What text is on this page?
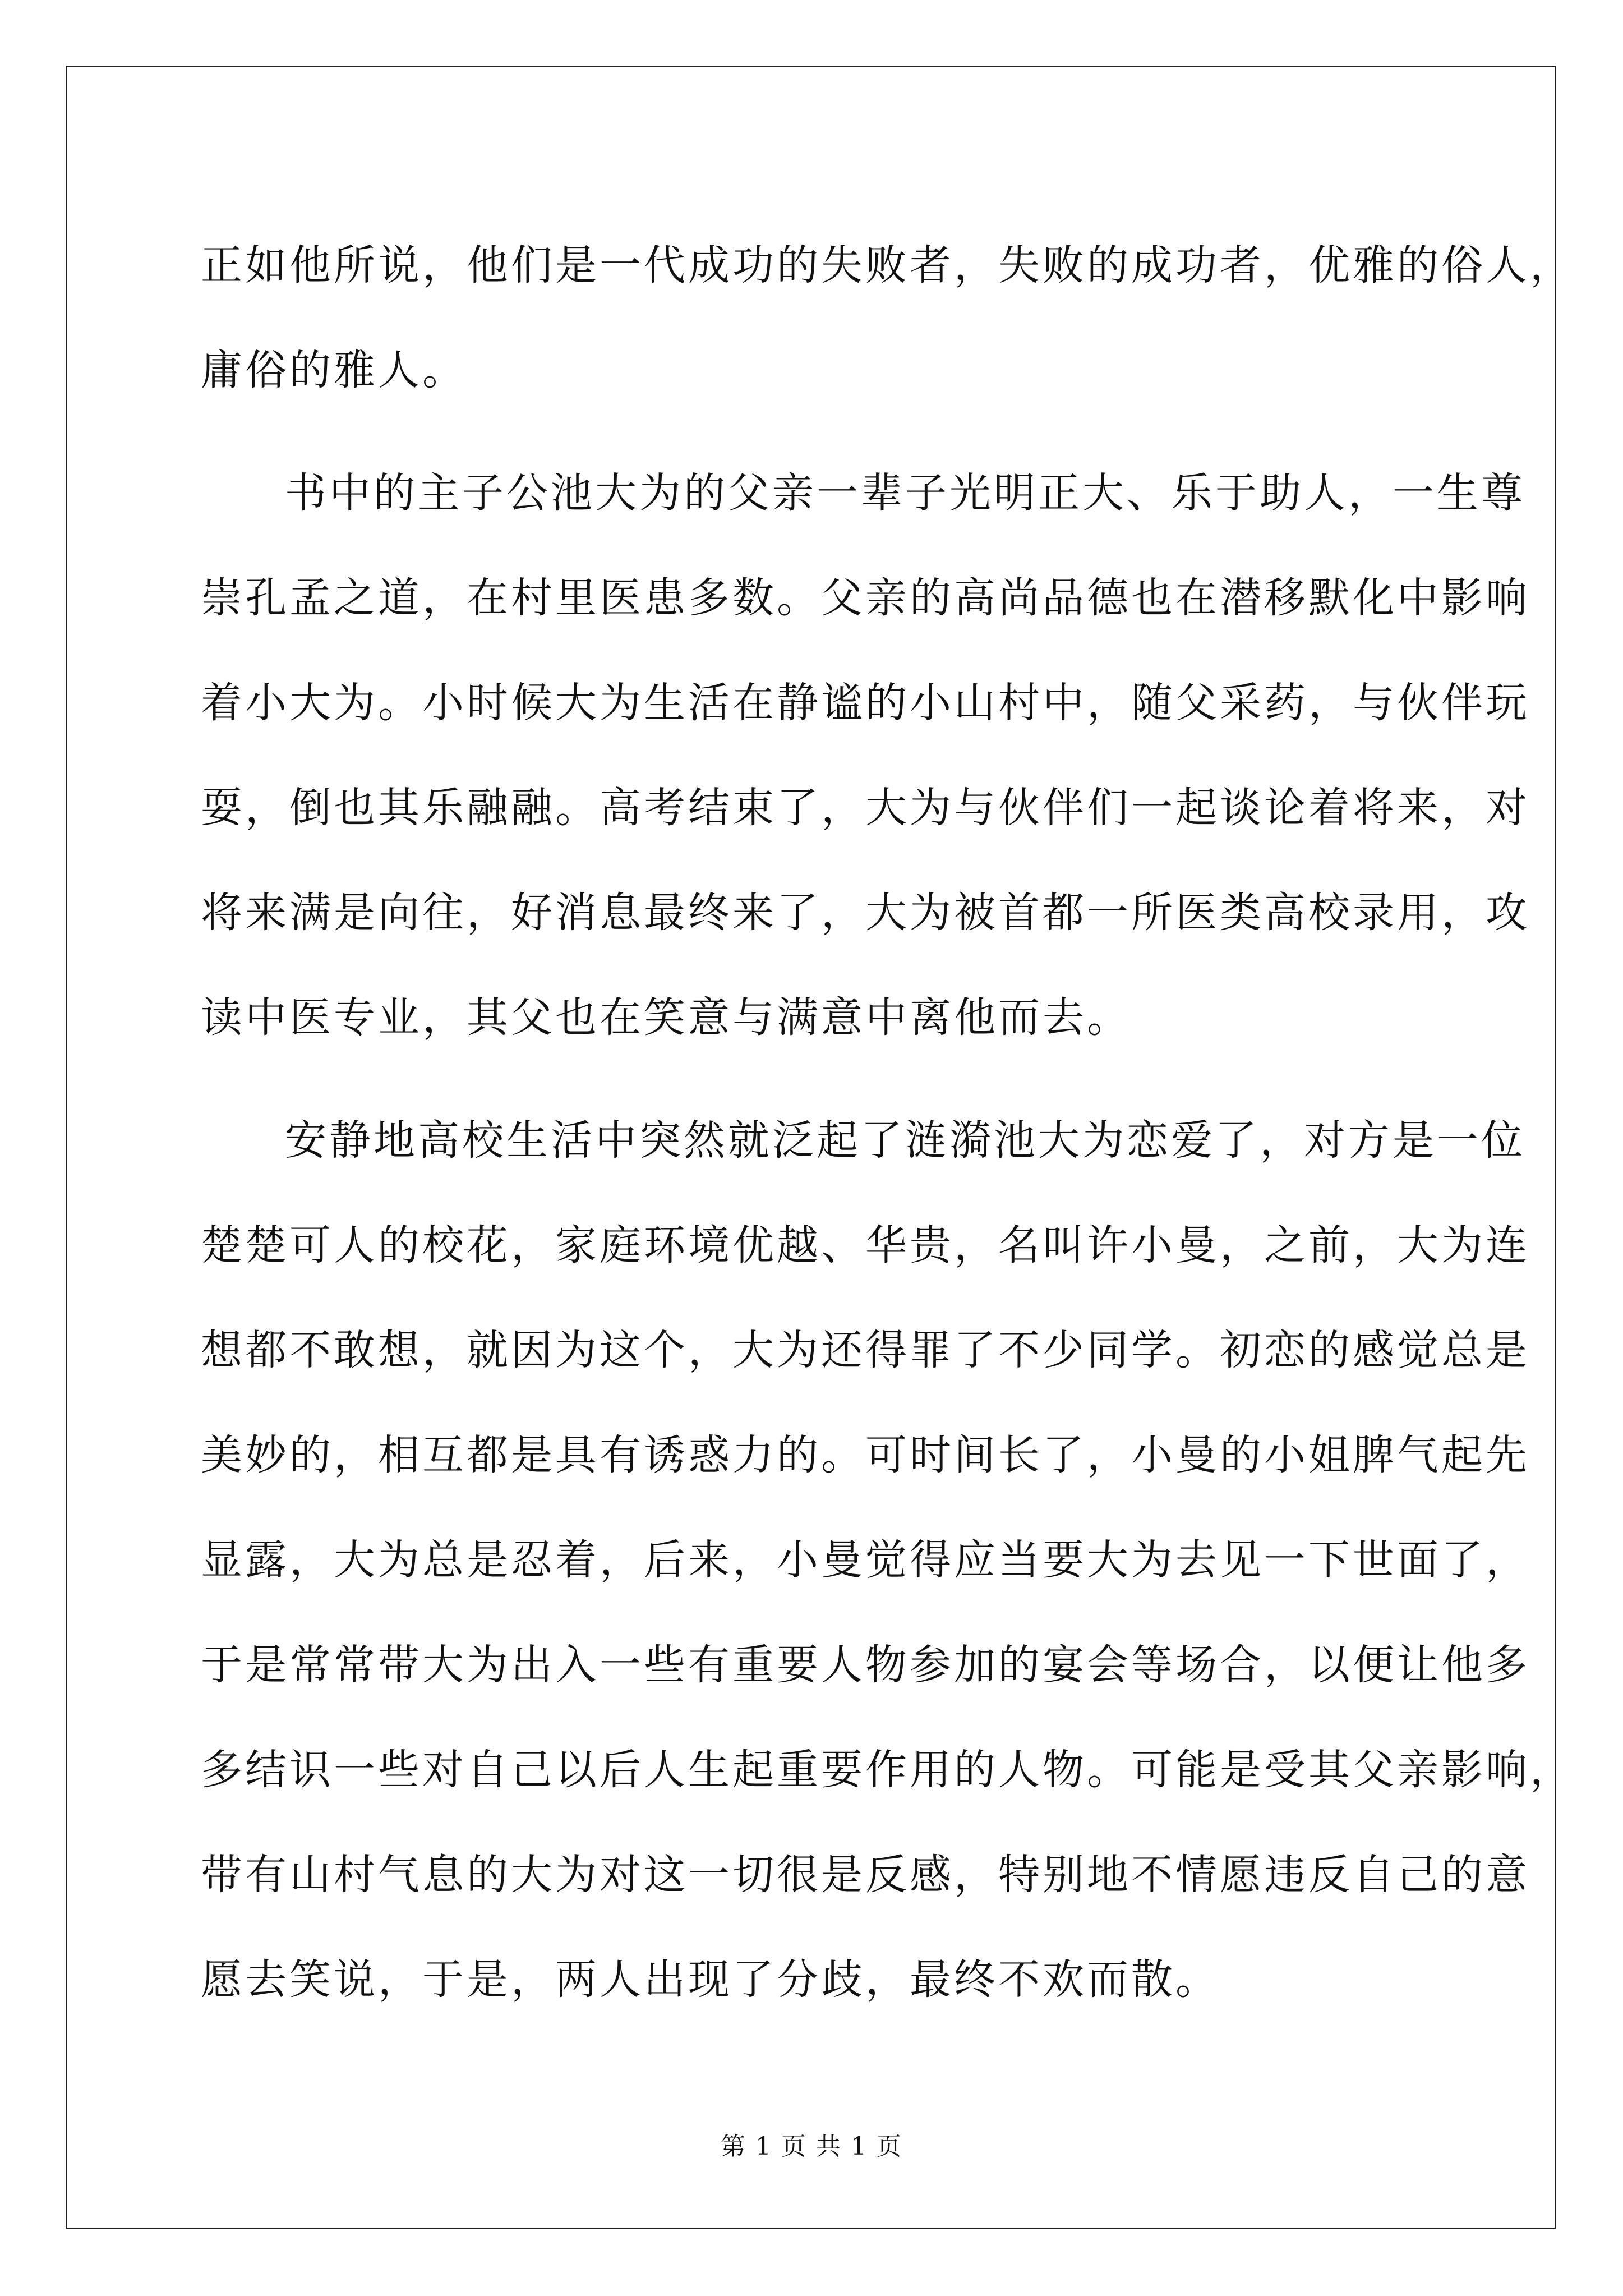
正如他所说，他们是一代成功的失败者，失败的成功者，优雅的俗人，
庸俗的雅人。

书中的主子公池大为的父亲一辈子光明正大、乐于助人，一生尊
崇孔孟之道，在村里医患多数。父亲的高尚品德也在潜移默化中影响
着小大为。小时候大为生活在静谧的小山村中，随父采药，与伙伴玩
耍，倒也其乐融融。高考结束了，大为与伙伴们一起谈论着将来，对
将来满是向往，好消息最终来了，大为被首都一所医类高校录用，攻
读中医专业，其父也在笑意与满意中离他而去。

安静地高校生活中突然就泛起了涟漪池大为恋爱了，对方是一位
楚楚可人的校花，家庭环境优越、华贵，名叫许小曼，之前，大为连
想都不敢想，就因为这个，大为还得罪了不少同学。初恋的感觉总是
美妙的，相互都是具有诱惑力的。可时间长了，小曼的小姐脾气起先
显露，大为总是忍着，后来，小曼觉得应当要大为去见一下世面了，
于是常常带大为出入一些有重要人物参加的宴会等场合，以便让他多
多结识一些对自己以后人生起重要作用的人物。可能是受其父亲影响，
带有山村气息的大为对这一切很是反感，特别地不情愿违反自己的意
愿去笑说，于是，两人出现了分歧，最终不欢而散。

第 1 页 共 1 页
